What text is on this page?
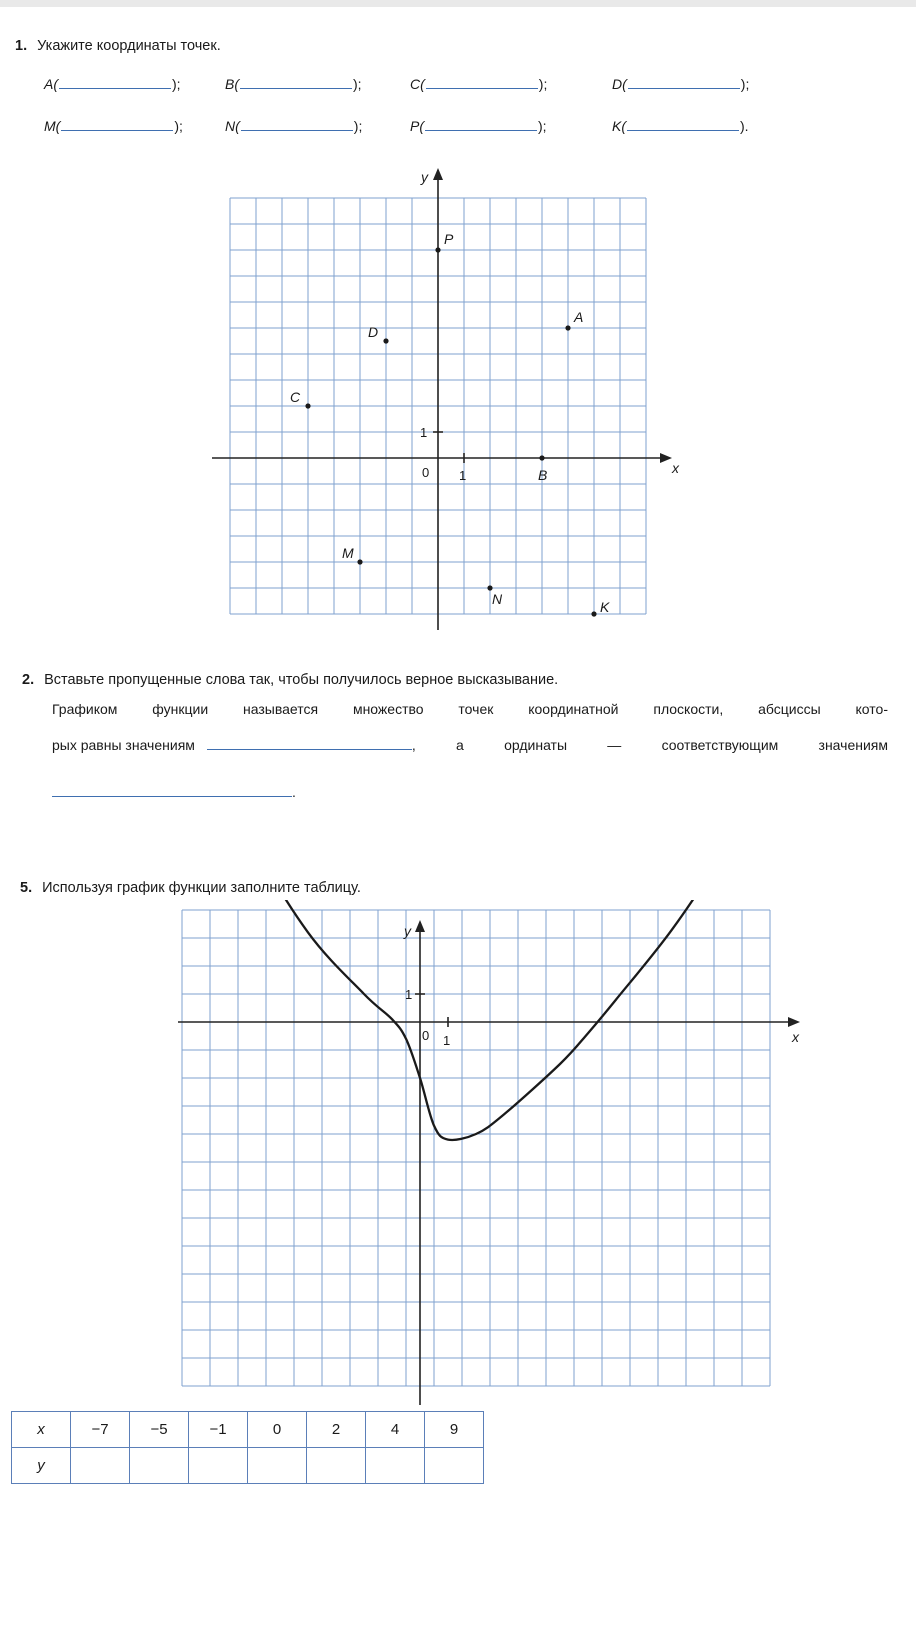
1. Укажите координаты точек.
A(	);	B(	);	C(	);	D(	);
M(	);	N(	);	P(	);	K(	).
x
y
0 1
1
P
A
D
C
B
M
N	K
2. Вставьте пропущенные слова так, чтобы получилось верное высказывание.
Графиком функции называется множество точек координатной плоскости, абсциссы кото-
рых равны значениям	, а ординаты — соответствующим значениям
.
5. Используя график функции заполните таблицу.
x
y
0 1
1
x	−7	−5	−1	0	2	4	9
y							
